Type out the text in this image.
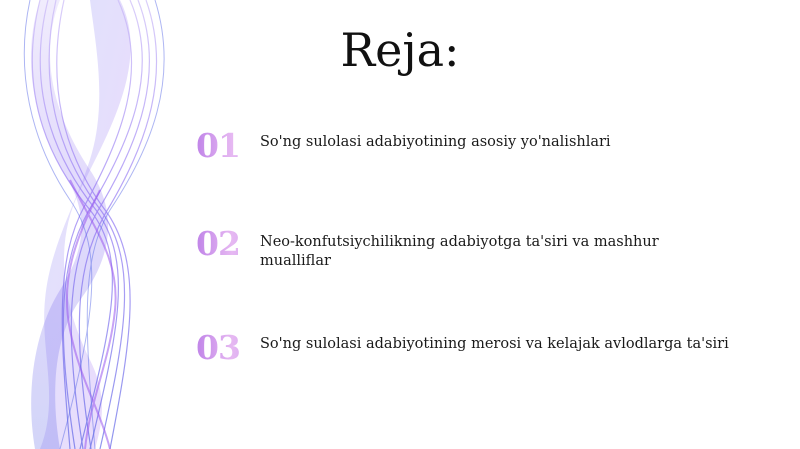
Reja:
01	So'ng sulolasi adabiyotining asosiy yo'nalishlari
02	Neo-konfutsiychilikning adabiyotga ta'siri va mashhur mualliflar
03	So'ng sulolasi adabiyotining merosi va kelajak avlodlarga ta'siri
